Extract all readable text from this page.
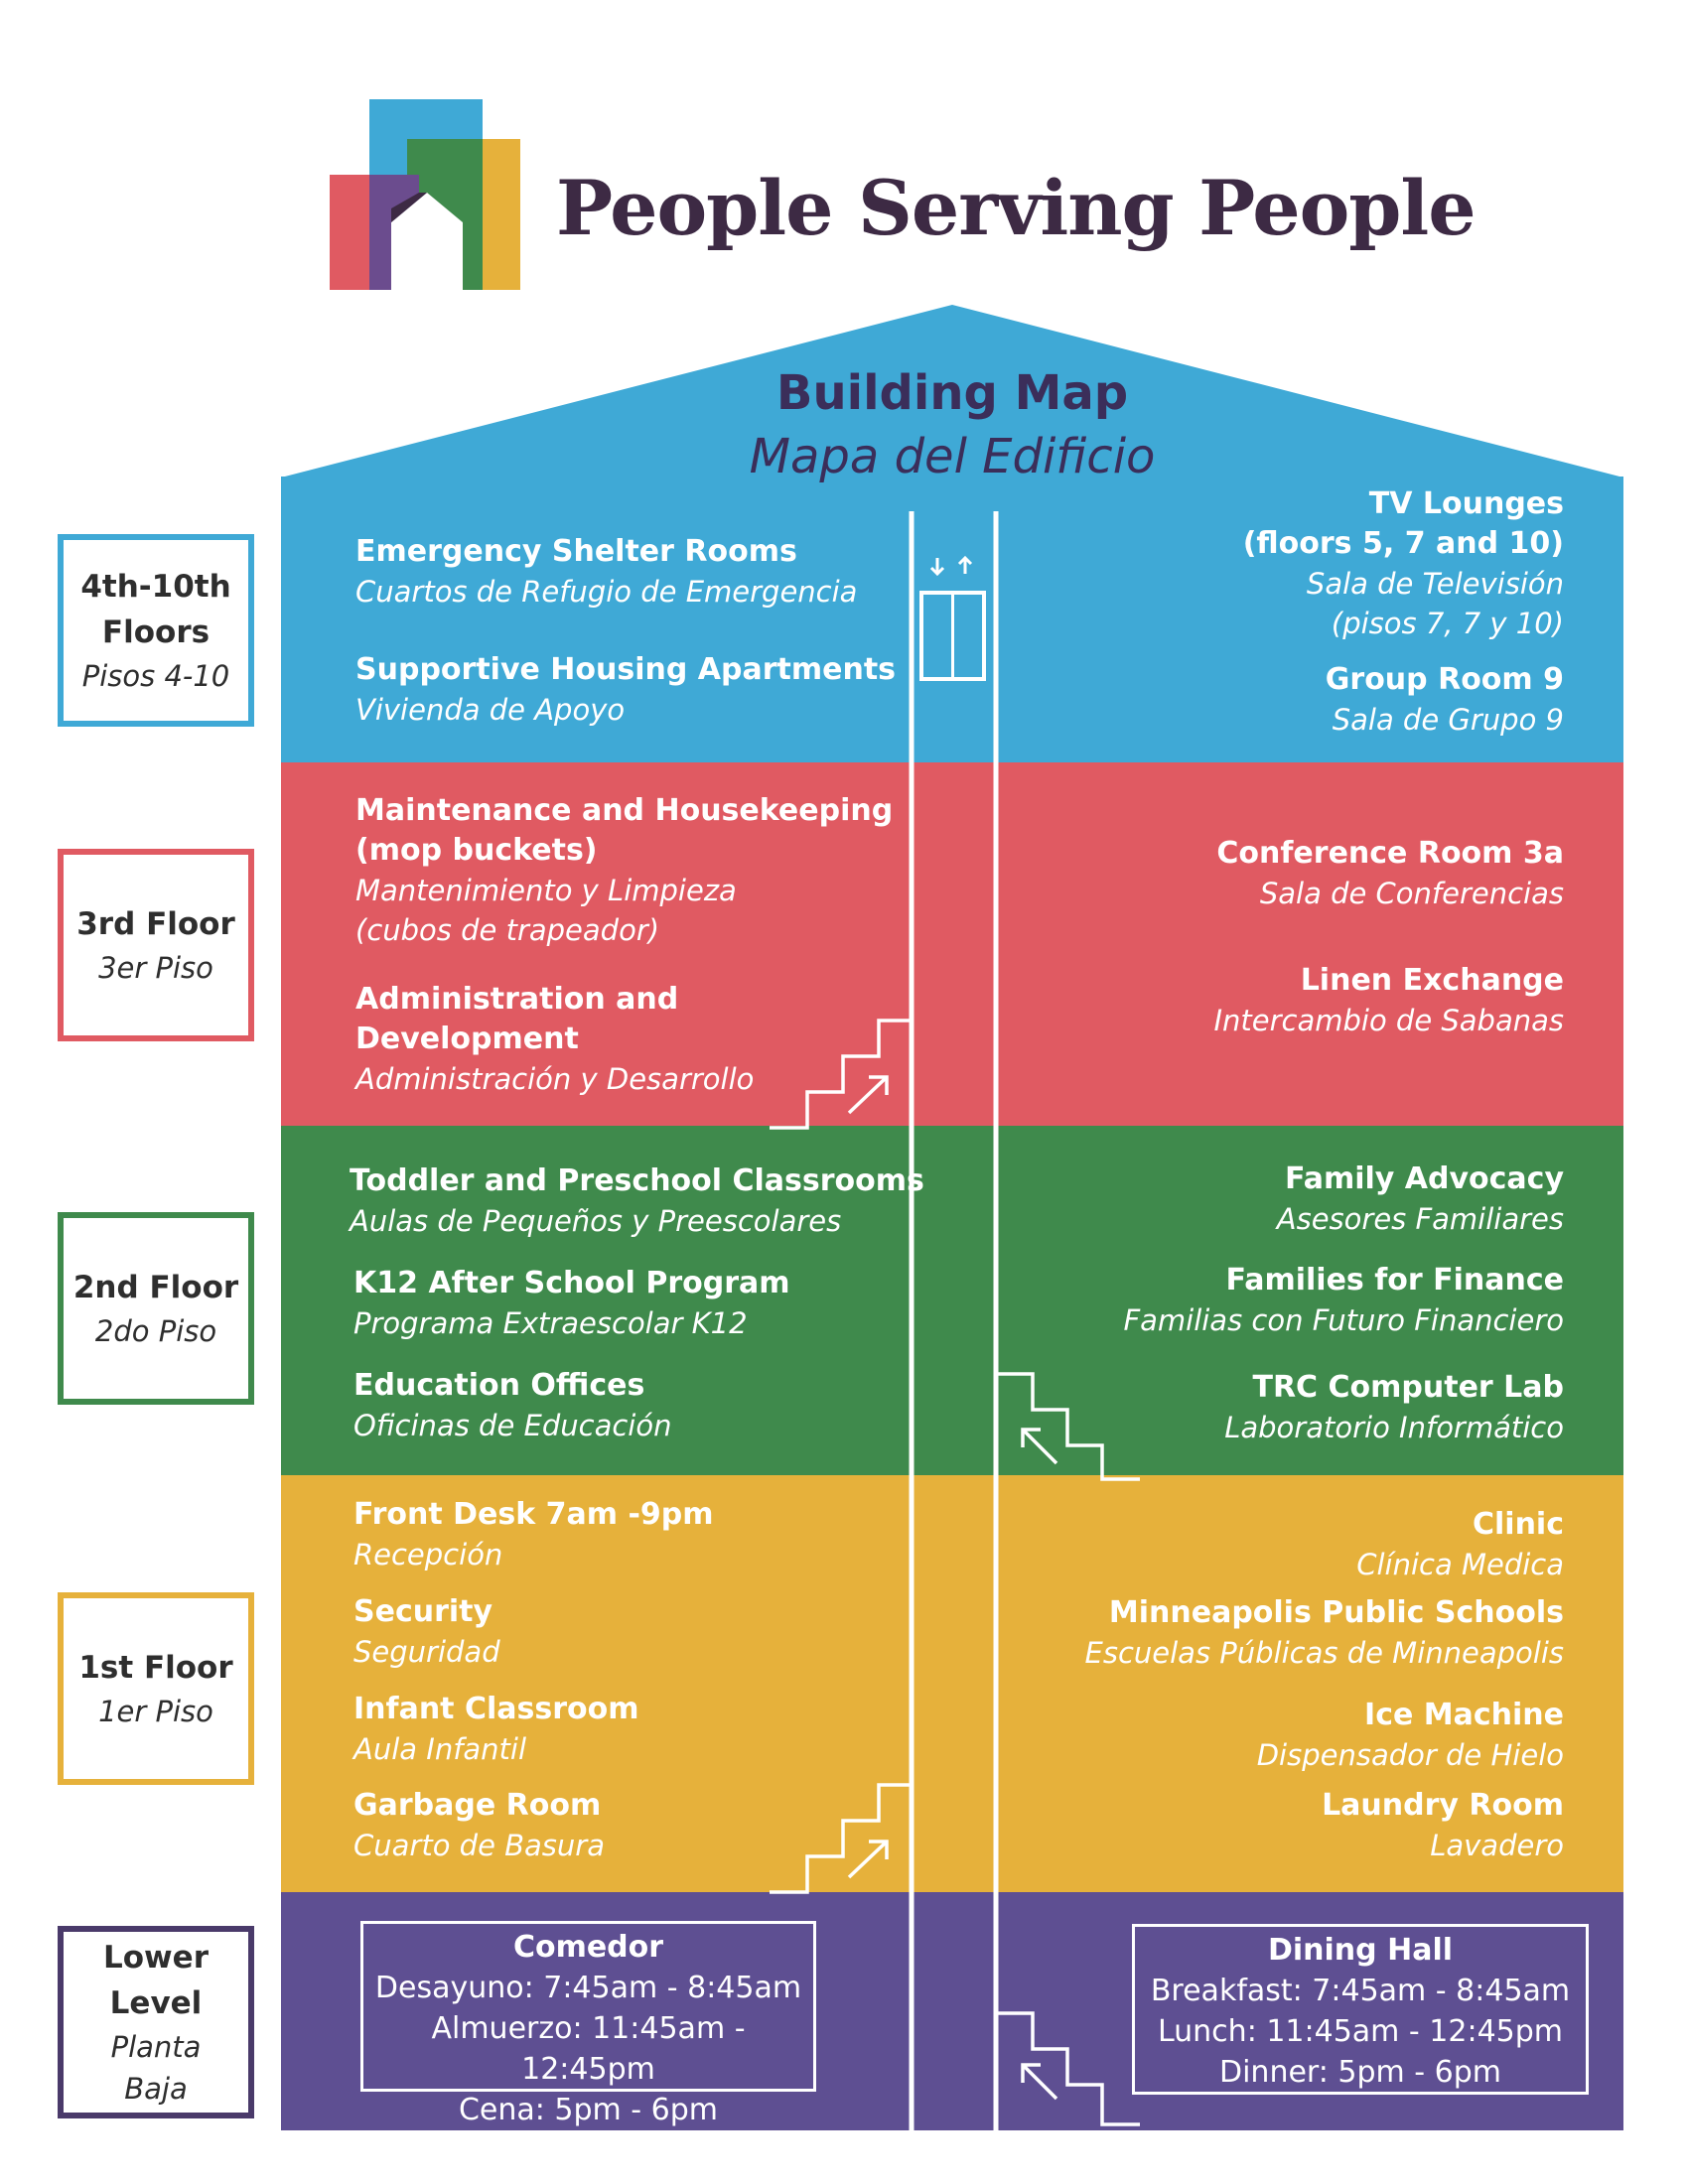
People Serving People
Building Map
Mapa del Edificio
4th-10th
Floors
Pisos 4-10
3rd Floor
3er Piso
2nd Floor
2do Piso
1st Floor
1er Piso
Lower
Level
Planta
Baja
Emergency Shelter Rooms
Cuartos de Refugio de Emergencia
Supportive Housing Apartments
Vivienda de Apoyo
TV Lounges
(floors 5, 7 and 10)
Sala de Televisión
(pisos 7, 7 y 10)
Group Room 9
Sala de Grupo 9
Maintenance and Housekeeping
(mop buckets)
Mantenimiento y Limpieza
(cubos de trapeador)
Administration and
Development
Administración y Desarrollo
Conference Room 3a
Sala de Conferencias
Linen Exchange
Intercambio de Sabanas
Toddler and Preschool Classrooms
Aulas de Pequeños y Preescolares
K12 After School Program
Programa Extraescolar K12
Education Offices
Oficinas de Educación
Family Advocacy
Asesores Familiares
Families for Finance
Familias con Futuro Financiero
TRC Computer Lab
Laboratorio Informático
Front Desk 7am -9pm
Recepción
Security
Seguridad
Infant Classroom
Aula Infantil
Garbage Room
Cuarto de Basura
Clinic
Clínica Medica
Minneapolis Public Schools
Escuelas Públicas de Minneapolis
Ice Machine
Dispensador de Hielo
Laundry Room
Lavadero
Comedor
Desayuno: 7:45am - 8:45am
Almuerzo: 11:45am - 12:45pm
Cena: 5pm - 6pm
Dining Hall
Breakfast: 7:45am - 8:45am
Lunch: 11:45am - 12:45pm
Dinner: 5pm - 6pm
